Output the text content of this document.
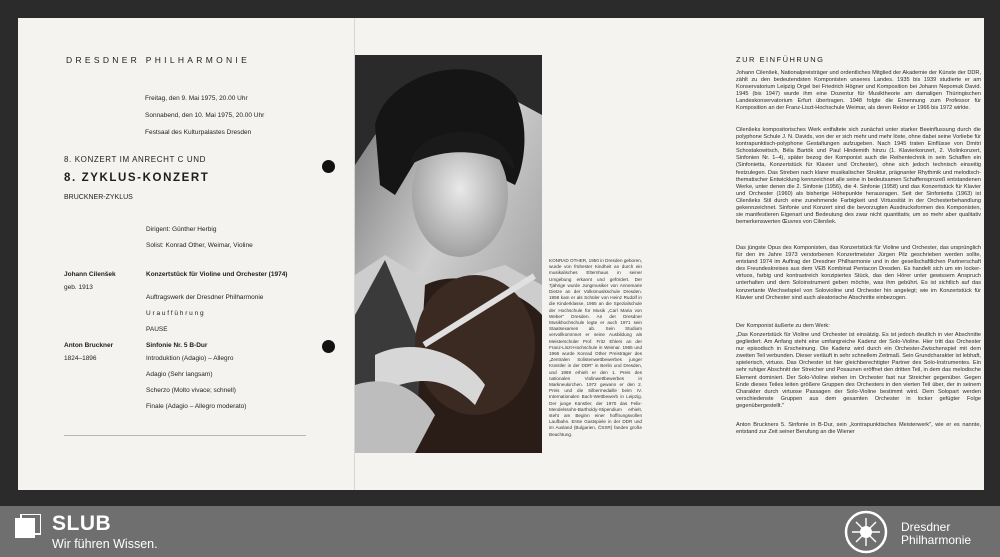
DRESDNER PHILHARMONIE
Freitag, den 9. Mai 1975, 20.00 Uhr
Sonnabend, den 10. Mai 1975, 20.00 Uhr
Festsaal des Kulturpalastes Dresden
8. KONZERT IM ANRECHT C UND
8. ZYKLUS-KONZERT
BRUCKNER-ZYKLUS
Dirigent: Günther Herbig
Solist: Konrad Other, Weimar, Violine
Johann Cilenšek
geb. 1913
Konzertstück für Violine und Orchester (1974)
Auftragswerk der Dresdner Philharmonie
Uraufführung
PAUSE
Anton Bruckner
1824–1896
Sinfonie Nr. 5 B-Dur
Introduktion (Adagio) – Allegro
Adagio (Sehr langsam)
Scherzo (Molto vivace; schnell)
Finale (Adagio – Allegro moderato)
KONRAD OTHER, 1950 in Dresden geboren, wurde von frühester Kindheit an durch ein musikalisches Elternhaus in seiner Umgebung erkannt und gefördert. Der 7jährige wurde Jungmusiker von Annemarie Dietze an der Volksmusikschule Dresden. 1958 kam er als Schüler von Heinz Rudolf in die Kinderklasse, 1965 an die Spezialschule der Hochschule für Musik „Carl Maria von Weber" Dresden. An der Dresdner Musikhochschule legte er auch 1971 sein Staatsexamen ab. Sein Studium vervollkommnet er seine Ausbildung als Meisterschüler Prof. Fritz Ehlers an der Franz-Liszt-Hochschule in Weimar. 1965 und 1966 wurde Konrad Other Preisträger des „Zentralen Solistenwettbewerbes junger Künstler in der DDR" in Berlin und Dresden, und 1969 erhielt er den 1. Preis des nationalen Violinwettbewerbes in Markneukirchen. 1972 gewann er den 2. Preis und die Silbermedaille beim IV. Internationalen Bach-Wettbewerb in Leipzig. Der junge Künstler, der 1970 das Felix-Mendelssohn-Bartholdy-Stipendium erhielt, steht am Beginn einer hoffnungsvollen Laufbahn. Erste Gastspiele in der DDR und im Ausland (Bulgarien, ČSSR) fanden große Beachtung.
ZUR EINFÜHRUNG
Johann Cilenšek, Nationalpreisträger und ordentliches Mitglied der Akademie der Künste der DDR, zählt zu den bedeutendsten Komponisten unseres Landes. 1935 bis 1939 studierte er am Konservatorium Leipzig Orgel bei Friedrich Högner und Komposition bei Johann Nepomuk David. 1945 (bis 1947) wurde ihm eine Dozentur für Musiktheorie am damaligen Thüringischen Landeskonservatorium Erfurt übertragen. 1948 folgte die Ernennung zum Professor für Komposition an der Franz-Liszt-Hochschule Weimar, als deren Rektor er 1966 bis 1972 wirkte.
Cilenšeks kompositorisches Werk entfaltete sich zunächst unter starker Beeinflussung durch die polyphone Schule J. N. Davids, von der er sich mehr und mehr löste, ohne dabei seine Vorliebe für kontrapunktisch-polyphone Gestaltungen aufzugeben. Nach 1945 traten Einflüsse von Dmitri Schostakowitsch, Béla Bartók und Paul Hindemith hinzu (1. Klavierkonzert, 2. Violinkonzert, Sinfonien Nr. 1–4), später bezog der Komponist auch die Reihentechnik in sein Schaffen ein (Sinfonietta, Konzertstück für Klavier und Orchester), ohne sich jedoch technisch einseitig festzulegen. Das Streben nach klarer musikalischer Struktur, prägnanter Rhythmik und melodisch-thematischer Entwicklung kennzeichnet alle seine in bedeutsamen Schaffensprozeß entstandenen Werke, unter denen die 2. Sinfonie (1956), die 4. Sinfonie (1958) und das Konzertstück für Klavier und Orchester (1960) als bisherige Höhepunkte herausragen. Seit der Sinfonietta (1963) ist Cilenšeks Stil durch eine zunehmende Farbigkeit und Virtuosität in der Orchesterbehandlung gekennzeichnet. Sinfonie und Konzert sind die bevorzugten Ausdrucksformen des Komponisten, sie manifestieren Eigenart und Bedeutung des zwar nicht quantitativ, um so mehr aber qualitativ bemerkenswerten Œuvres von Cilenšek.
Das jüngste Opus des Komponisten, das Konzertstück für Violine und Orchester, das ursprünglich für den im Jahre 1973 verstorbenen Konzertmeister Jürgen Pilz geschrieben werden sollte, entstand 1974 im Auftrag der Dresdner Philharmonie und in der gesellschaftlichen Partnerschaft des Freundeskreises aus dem VEB Kombinat Pentacon Dresden. Es handelt sich um ein locker-virtuos, farbig und kontrastreich konzipiertes Stück, das den Hörer unter gewissem Anspruch unterhalten und dem Soloinstrument geben möchte, was ihm gebührt. Es ist sichtlich auf das konzertante Wechselspiel von Solovioline und Orchester hin angelegt; wie im Konzertstück für Klavier und Orchester sind auch aleatorische Abschnitte einbezogen.
Der Komponist äußerte zu dem Werk:
„Das Konzertstück für Violine und Orchester ist einsätzig. Es ist jedoch deutlich in vier Abschnitte gegliedert. Am Anfang steht eine umfangreiche Kadenz der Solo-Violine. Hier tritt das Orchester nur episodisch in Erscheinung. Die Kadenz wird durch ein Orchester-Zwischenspiel mit dem zweiten Teil verbunden. Dieser verläuft in sehr schnellem Zeitmaß. Sein Grundcharakter ist lebhaft, spielerisch, virtuos. Das Orchester ist hier gleichberechtigter Partner des Solo-Instrumentes. Ein sehr ruhiger Abschnitt der Streicher und Posaunen eröffnet den dritten Teil, in dem das melodische Element dominiert. Der Solo-Violine stehen im Orchester fast nur Streicher gegenüber. Gegen Ende dieses Teiles leiten größere Gruppen des Orchesters in den vierten Teil über, der in seinem Charakter durch virtuose Passagen der Solo-Violine bestimmt wird. Dem Solopart werden verschiedenste Gruppen aus dem gesamten Orchester in locker gefügter Folge gegenübergestellt."
Anton Bruckners 5. Sinfonie in B-Dur, sein „kontrapunktisches Meisterwerk", wie er es nannte, entstand zur Zeit seiner Berufung an die Wiener
SLUB
Wir führen Wissen.
Dresdner
Philharmonie
